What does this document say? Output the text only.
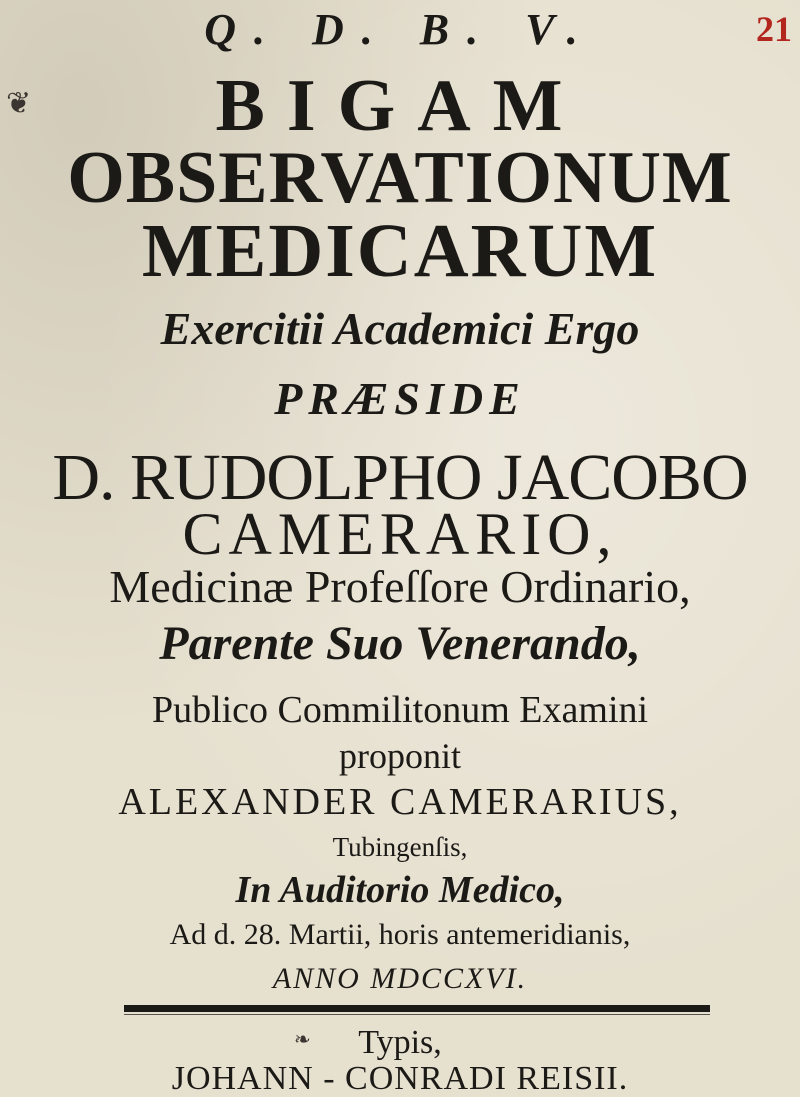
Q. D. B. V.	21
❦	BIGAM
OBSERVATIONUM
MEDICARUM
Exercitii Academici Ergo
PRÆSIDE
D. RUDOLPHO JACOBO
CAMERARIO,
Medicinæ Profeſſore Ordinario,
Parente Suo Venerando,
Publico Commilitonum Examini
proponit
ALEXANDER CAMERARIUS,
Tubingenſis,
In Auditorio Medico,
Ad d. 28. Martii, horis antemeridianis,
ANNO MDCCXVI.
❧	Typis,
JOHANN - CONRADI REISII.
